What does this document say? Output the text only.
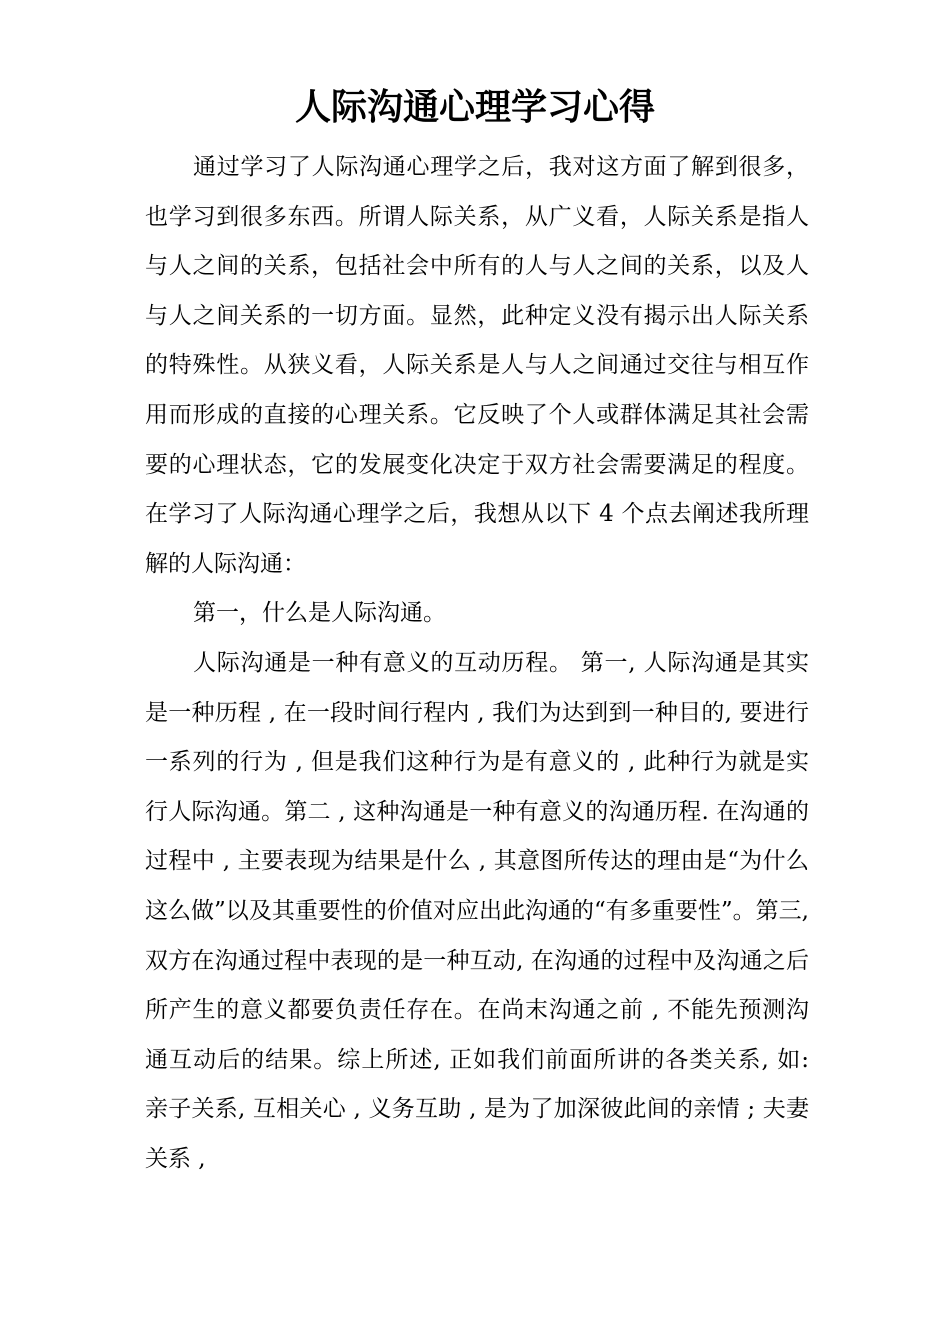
人际沟通心理学习心得

通过学习了人际沟通心理学之后，我对这方面了解到很多，也学习到很多东西。所谓人际关系，从广义看，人际关系是指人与人之间的关系，包括社会中所有的人与人之间的关系，以及人与人之间关系的一切方面。显然，此种定义没有揭示出人际关系的特殊性。从狭义看，人际关系是人与人之间通过交往与相互作用而形成的直接的心理关系。它反映了个人或群体满足其社会需要的心理状态，它的发展变化决定于双方社会需要满足的程度。在学习了人际沟通心理学之后，我想从以下 4 个点去阐述我所理解的人际沟通：

第一，什么是人际沟通。

人际沟通是一种有意义的互动历程。 第一, 人际沟通是其实是一种历程 , 在一段时间行程内 , 我们为达到到一种目的, 要进行一系列的行为 , 但是我们这种行为是有意义的 , 此种行为就是实行人际沟通。第二 , 这种沟通是一种有意义的沟通历程. 在沟通的过程中 , 主要表现为结果是什么 , 其意图所传达的理由是“为什么这么做”以及其重要性的价值对应出此沟通的“有多重要性”。第三, 双方在沟通过程中表现的是一种互动, 在沟通的过程中及沟通之后所产生的意义都要负责任存在。在尚末沟通之前 , 不能先预测沟通互动后的结果。综上所述, 正如我们前面所讲的各类关系, 如: 亲子关系, 互相关心 , 义务互助 , 是为了加深彼此间的亲情 ; 夫妻关系 ,
